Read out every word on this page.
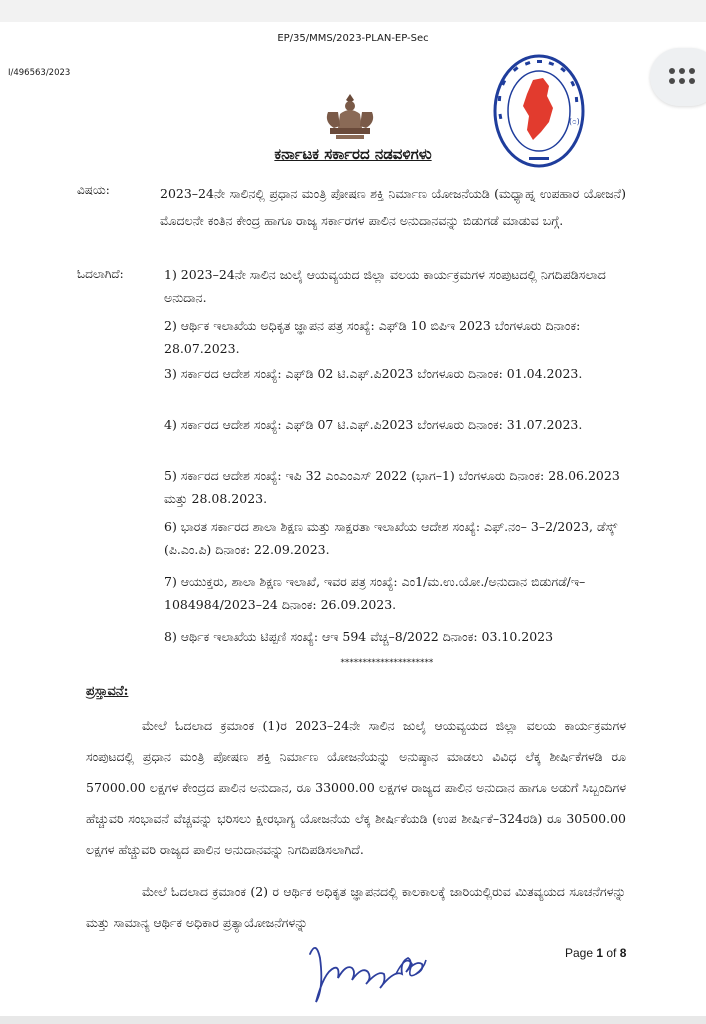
EP/35/MMS/2023-PLAN-EP-Sec
I/496563/2023
(೦)
ಕರ್ನಾಟಕ ಸರ್ಕಾರದ ನಡವಳಿಗಳು
ವಿಷಯ:	2023–24ನೇ ಸಾಲಿನಲ್ಲಿ ಪ್ರಧಾನ ಮಂತ್ರಿ ಪೋಷಣ ಶಕ್ತಿ ನಿರ್ಮಾಣ ಯೋಜನೆಯಡಿ (ಮಧ್ಯಾಹ್ನ ಉಪಹಾರ ಯೋಜನೆ) ಮೊದಲನೇ ಕಂತಿನ ಕೇಂದ್ರ ಹಾಗೂ ರಾಜ್ಯ ಸರ್ಕಾರಗಳ ಪಾಲಿನ ಅನುದಾನವನ್ನು ಬಿಡುಗಡೆ ಮಾಡುವ ಬಗ್ಗೆ.
ಓದಲಾಗಿದೆ:	1) 2023–24ನೇ ಸಾಲಿನ ಜುಲೈ ಆಯವ್ಯಯದ ಜಿಲ್ಲಾ ವಲಯ ಕಾರ್ಯಕ್ರಮಗಳ ಸಂಪುಟದಲ್ಲಿ ನಿಗದಿಪಡಿಸಲಾದ ಅನುದಾನ.
2) ಆರ್ಥಿಕ ಇಲಾಖೆಯ ಅಧಿಕೃತ ಜ್ಞಾಪನ ಪತ್ರ ಸಂಖ್ಯೆ: ಎಫ್‌ಡಿ 10 ಬಿಪಿಇ 2023 ಬೆಂಗಳೂರು ದಿನಾಂಕ: 28.07.2023.
3) ಸರ್ಕಾರದ ಆದೇಶ ಸಂಖ್ಯೆ: ಎಫ್‌ಡಿ 02 ಟಿ.ಎಫ್.ಪಿ2023 ಬೆಂಗಳೂರು ದಿನಾಂಕ: 01.04.2023.
4) ಸರ್ಕಾರದ ಆದೇಶ ಸಂಖ್ಯೆ: ಎಫ್‌ಡಿ 07 ಟಿ.ಎಫ್.ಪಿ2023 ಬೆಂಗಳೂರು ದಿನಾಂಕ: 31.07.2023.
5) ಸರ್ಕಾರದ ಆದೇಶ ಸಂಖ್ಯೆ: ಇಪಿ 32 ಎಂಎಂಎಸ್ 2022 (ಭಾಗ–1) ಬೆಂಗಳೂರು ದಿನಾಂಕ: 28.06.2023 ಮತ್ತು 28.08.2023.
6) ಭಾರತ ಸರ್ಕಾರದ ಶಾಲಾ ಶಿಕ್ಷಣ ಮತ್ತು ಸಾಕ್ಷರತಾ ಇಲಾಖೆಯ ಆದೇಶ ಸಂಖ್ಯೆ: ಎಫ್.ನಂ– 3–2/2023, ಡೆಸ್ಕ್ (ಪಿ.ಎಂ.ಪಿ) ದಿನಾಂಕ: 22.09.2023.
7) ಆಯುಕ್ತರು, ಶಾಲಾ ಶಿಕ್ಷಣ ಇಲಾಖೆ, ಇವರ ಪತ್ರ ಸಂಖ್ಯೆ: ಎಂ1/ಮ.ಉ.ಯೋ./ಅನುದಾನ ಬಿಡುಗಡೆ/ಇ–1084984/2023–24 ದಿನಾಂಕ: 26.09.2023.
8) ಆರ್ಥಿಕ ಇಲಾಖೆಯ ಟಿಪ್ಪಣಿ ಸಂಖ್ಯೆ: ಆಇ 594 ವೆಚ್ಚ–8/2022 ದಿನಾಂಕ: 03.10.2023
*********************
ಪ್ರಸ್ತಾವನೆ:
ಮೇಲೆ ಓದಲಾದ ಕ್ರಮಾಂಕ (1)ರ 2023–24ನೇ ಸಾಲಿನ ಜುಲೈ ಆಯವ್ಯಯದ ಜಿಲ್ಲಾ ವಲಯ ಕಾರ್ಯಕ್ರಮಗಳ ಸಂಪುಟದಲ್ಲಿ ಪ್ರಧಾನ ಮಂತ್ರಿ ಪೋಷಣ ಶಕ್ತಿ ನಿರ್ಮಾಣ ಯೋಜನೆಯನ್ನು ಅನುಷ್ಠಾನ ಮಾಡಲು ವಿವಿಧ ಲೆಕ್ಕ ಶೀರ್ಷಿಕೆಗಳಡಿ ರೂ 57000.00 ಲಕ್ಷಗಳ ಕೇಂದ್ರದ ಪಾಲಿನ ಅನುದಾನ, ರೂ 33000.00 ಲಕ್ಷಗಳ ರಾಜ್ಯದ ಪಾಲಿನ ಅನುದಾನ ಹಾಗೂ ಅಡುಗೆ ಸಿಬ್ಬಂದಿಗಳ ಹೆಚ್ಚುವರಿ ಸಂಭಾವನೆ ವೆಚ್ಚವನ್ನು ಭರಿಸಲು ಕ್ಷೀರಭಾಗ್ಯ ಯೋಜನೆಯ ಲೆಕ್ಕ ಶೀರ್ಷಿಕೆಯಡಿ (ಉಪ ಶೀರ್ಷಿಕೆ–324ರಡಿ) ರೂ 30500.00 ಲಕ್ಷಗಳ ಹೆಚ್ಚುವರಿ ರಾಜ್ಯದ ಪಾಲಿನ ಅನುದಾನವನ್ನು ನಿಗದಿಪಡಿಸಲಾಗಿದೆ.
ಮೇಲೆ ಓದಲಾದ ಕ್ರಮಾಂಕ (2) ರ ಆರ್ಥಿಕ ಅಧಿಕೃತ ಜ್ಞಾಪನದಲ್ಲಿ ಕಾಲಕಾಲಕ್ಕೆ ಜಾರಿಯಲ್ಲಿರುವ ಮಿತವ್ಯಯದ ಸೂಚನೆಗಳನ್ನು ಮತ್ತು ಸಾಮಾನ್ಯ ಆರ್ಥಿಕ ಅಧಿಕಾರ ಪ್ರತ್ಯಾಯೋಜನೆಗಳನ್ನು
Page 1 of 8
